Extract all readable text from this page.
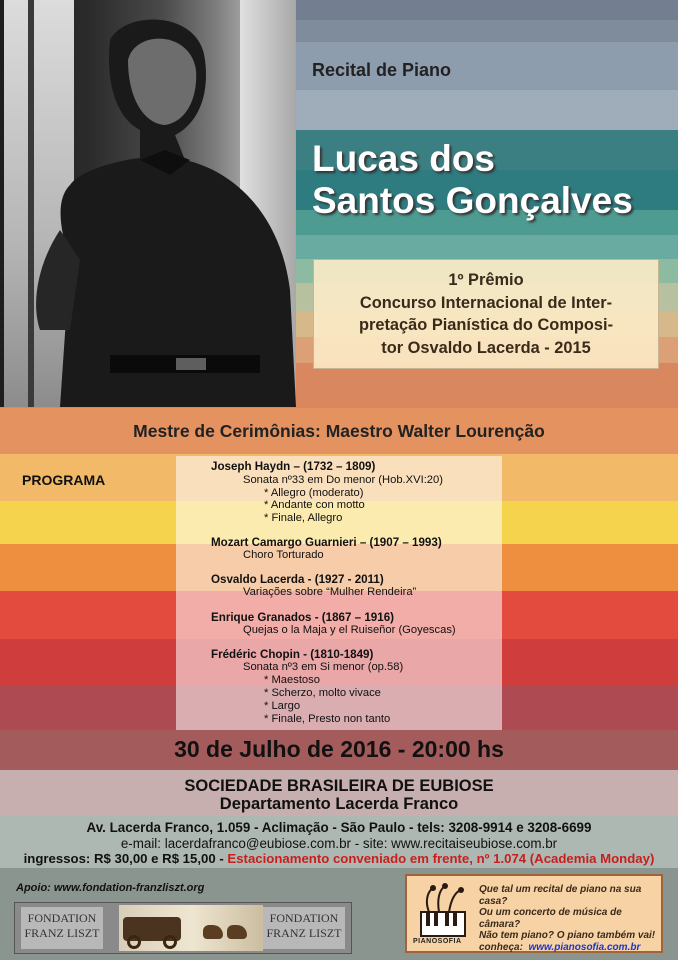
Recital de Piano
Lucas dos
Santos Gonçalves
1º Prêmio
Concurso Internacional de Inter-
pretação Pianística do Composi-
tor Osvaldo Lacerda - 2015
Mestre de Cerimônias: Maestro Walter Lourenção
PROGRAMA
Joseph Haydn – (1732 – 1809)
Sonata nº33 em Do menor (Hob.XVI:20)
* Allegro (moderato)
* Andante con motto
* Finale, Allegro
Mozart Camargo Guarnieri – (1907 – 1993)
Choro Torturado
Osvaldo Lacerda - (1927 - 2011)
Variações sobre “Mulher Rendeira”
Enrique Granados - (1867 – 1916)
Quejas o la Maja y el Ruiseñor (Goyescas)
Frédéric Chopin - (1810-1849)
Sonata nº3 em Si menor (op.58)
* Maestoso
* Scherzo, molto vivace
* Largo
* Finale, Presto non tanto
30 de Julho de 2016 - 20:00 hs
SOCIEDADE BRASILEIRA DE EUBIOSE
Departamento Lacerda Franco
Av. Lacerda Franco, 1.059 - Aclimação - São Paulo - tels: 3208-9914 e 3208-6699
e-mail: lacerdafranco@eubiose.com.br - site: www.recitaiseubiose.com.br
ingressos: R$ 30,00 e R$ 15,00 - Estacionamento conveniado em frente, nº 1.074 (Academia Monday)
Apoio: www.fondation-franzliszt.org
FONDATION
FRANZ LISZT
FONDATION
FRANZ LISZT
PIANOSOFIA
Que tal um recital de piano na sua casa?
Ou um concerto de música de câmara?
Não tem piano? O piano também vai!
conheça: www.pianosofia.com.br
